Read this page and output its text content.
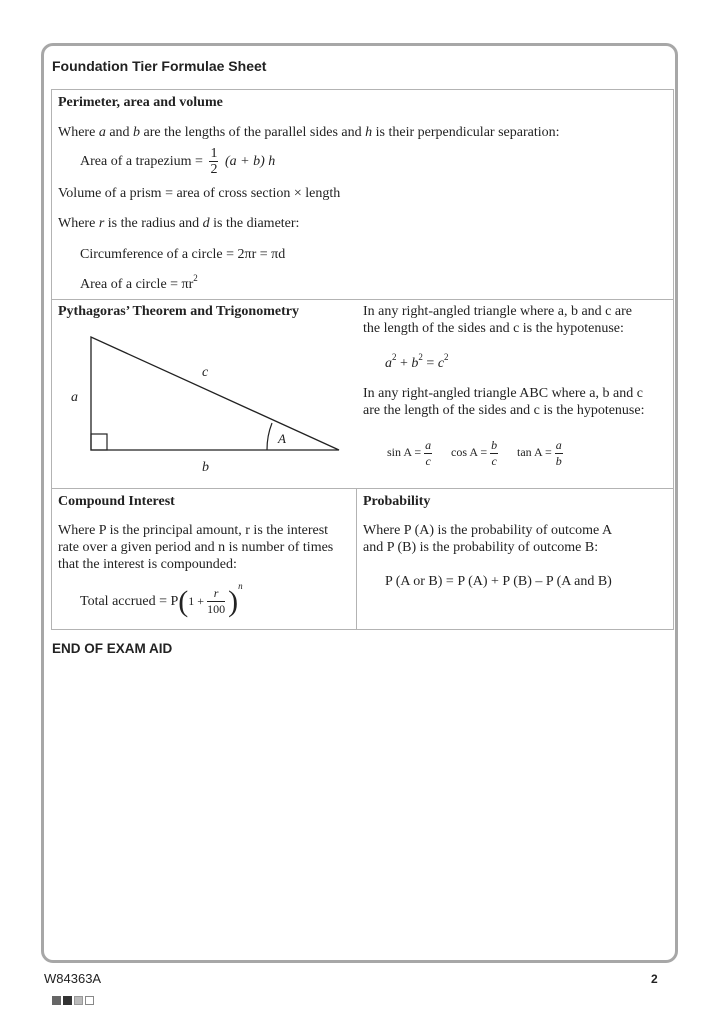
Foundation Tier Formulae Sheet
Perimeter, area and volume
Where a and b are the lengths of the parallel sides and h is their perpendicular separation:
Area of a trapezium = $\frac{1}{2} (a + b)$ h
Volume of a prism = area of cross section × length
Where r is the radius and d is the diameter:
Circumference of a circle = 2πr = πd
Area of a circle = $\pi r^2$
Pythagoras’ Theorem and Trigonometry
a
c
b
A
In any right-angled triangle where a, b and c are
the length of the sides and c is the hypotenuse:
$a^2 + b^2 = c^2$
In any right-angled triangle ABC where a, b and c
are the length of the sides and c is the hypotenuse:
$\sin A = \frac{a}{c}$ $\cos A = \frac{b}{c}$ $\tan A = \frac{a}{b}$
Compound Interest
Where P is the principal amount, r is the interest
rate over a given period and n is number of times
that the interest is compounded:
Total accrued = $P(1 + \frac{r}{100} )^n$
Probability
Where P (A) is the probability of outcome A
and P (B) is the probability of outcome B:
P (A or B) = P (A) + P (B) – P (A and B)
END OF EXAM AID
W84363A	2
